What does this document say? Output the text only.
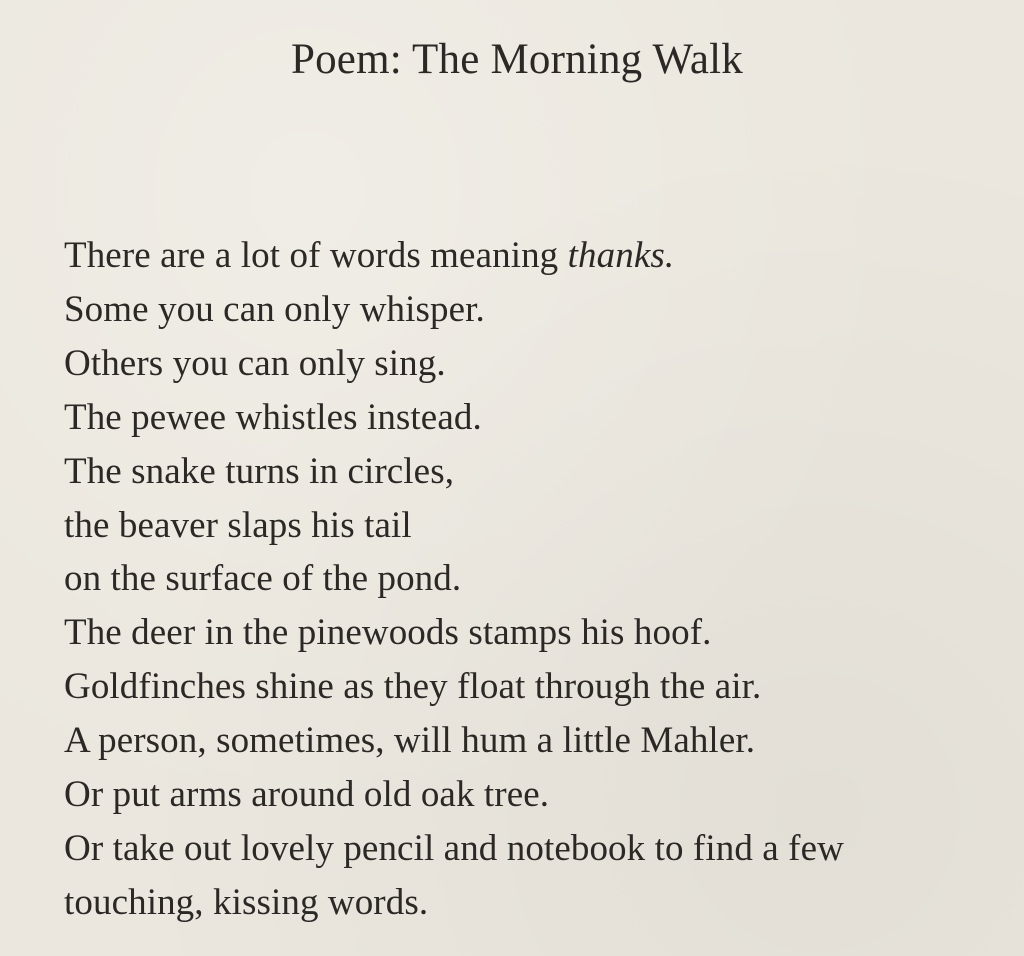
Poem: The Morning Walk
There are a lot of words meaning thanks.
Some you can only whisper.
Others you can only sing.
The pewee whistles instead.
The snake turns in circles,
the beaver slaps his tail
on the surface of the pond.
The deer in the pinewoods stamps his hoof.
Goldfinches shine as they float through the air.
A person, sometimes, will hum a little Mahler.
Or put arms around old oak tree.
Or take out lovely pencil and notebook to find a few
touching, kissing words.
